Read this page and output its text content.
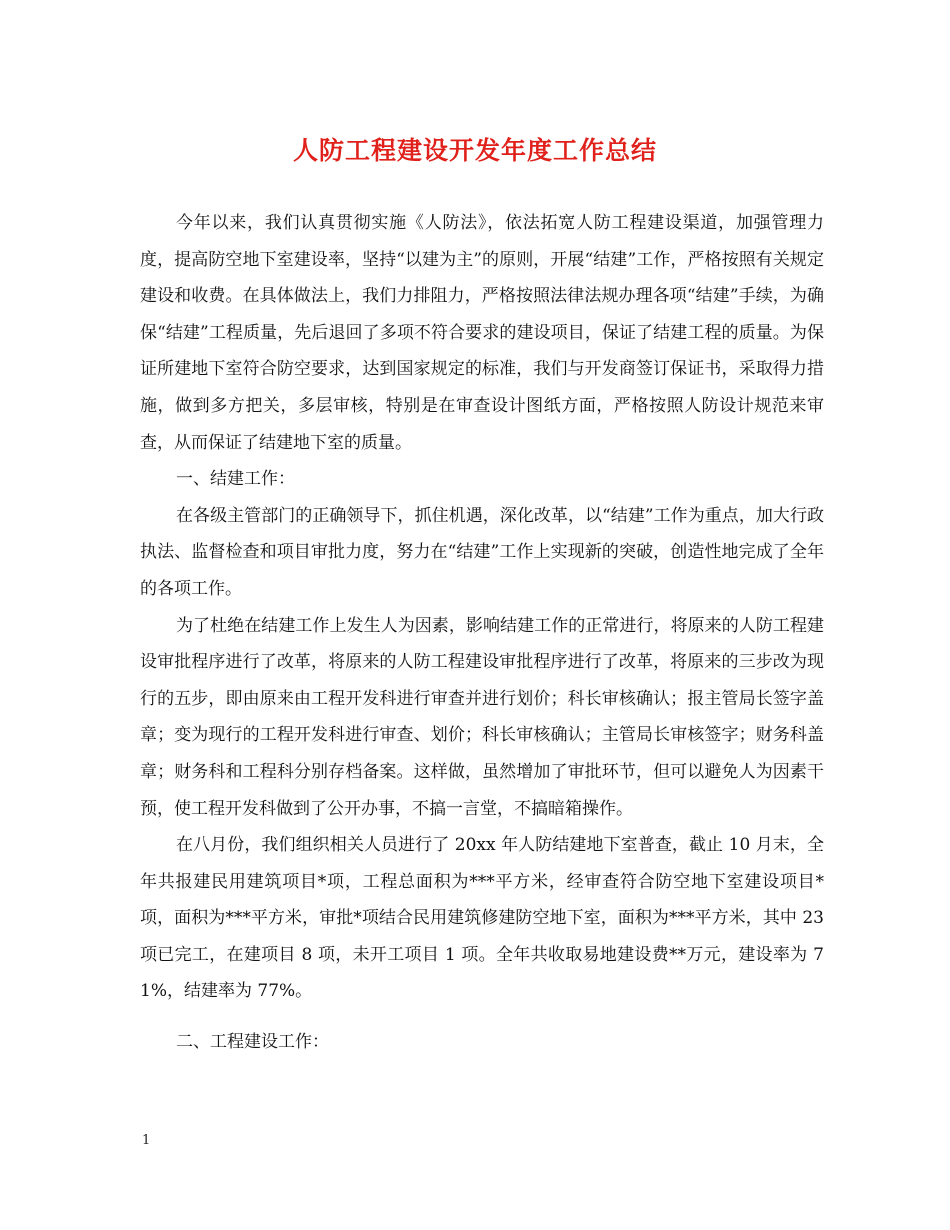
人防工程建设开发年度工作总结

今年以来，我们认真贯彻实施《人防法》，依法拓宽人防工程建设渠道，加强管理力度，提高防空地下室建设率，坚持“以建为主”的原则，开展“结建”工作，严格按照有关规定建设和收费。在具体做法上，我们力排阻力，严格按照法律法规办理各项“结建”手续，为确保“结建”工程质量，先后退回了多项不符合要求的建设项目，保证了结建工程的质量。为保证所建地下室符合防空要求，达到国家规定的标准，我们与开发商签订保证书，采取得力措施，做到多方把关，多层审核，特别是在审查设计图纸方面，严格按照人防设计规范来审查，从而保证了结建地下室的质量。

一、结建工作：

在各级主管部门的正确领导下，抓住机遇，深化改革，以“结建”工作为重点，加大行政执法、监督检查和项目审批力度，努力在“结建”工作上实现新的突破，创造性地完成了全年的各项工作。

为了杜绝在结建工作上发生人为因素，影响结建工作的正常进行，将原来的人防工程建设审批程序进行了改革，将原来的人防工程建设审批程序进行了改革，将原来的三步改为现行的五步，即由原来由工程开发科进行审查并进行划价；科长审核确认；报主管局长签字盖章；变为现行的工程开发科进行审查、划价；科长审核确认；主管局长审核签字；财务科盖章；财务科和工程科分别存档备案。这样做，虽然增加了审批环节，但可以避免人为因素干预，使工程开发科做到了公开办事，不搞一言堂，不搞暗箱操作。

在八月份，我们组织相关人员进行了 20xx 年人防结建地下室普查，截止 10 月末，全年共报建民用建筑项目*项，工程总面积为***平方米，经审查符合防空地下室建设项目*项，面积为***平方米，审批*项结合民用建筑修建防空地下室，面积为***平方米，其中 23 项已完工，在建项目 8 项，未开工项目 1 项。全年共收取易地建设费**万元，建设率为 71%，结建率为 77%。

二、工程建设工作：

1
